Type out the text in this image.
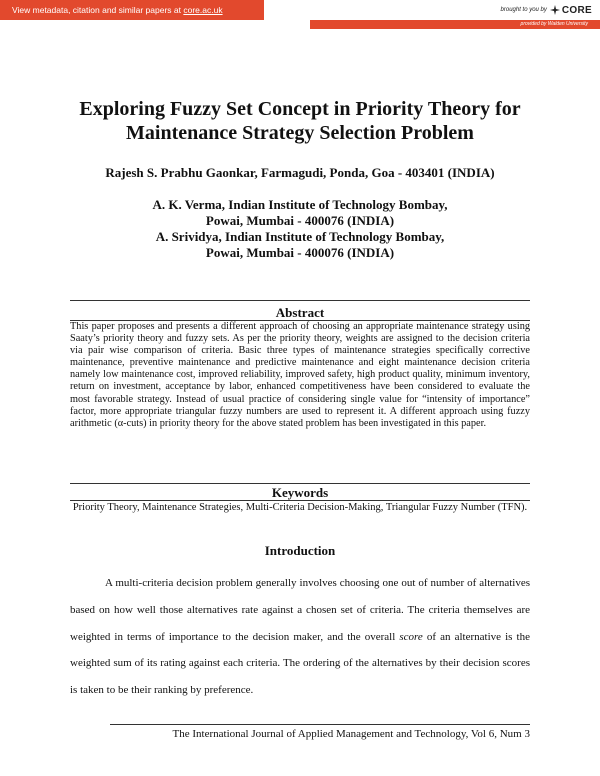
View metadata, citation and similar papers at core.ac.uk	brought to you by CORE
provided by Walden University
Exploring Fuzzy Set Concept in Priority Theory for
Maintenance Strategy Selection Problem

Rajesh S. Prabhu Gaonkar, Farmagudi, Ponda, Goa - 403401 (INDIA)

A. K. Verma, Indian Institute of Technology Bombay,
Powai, Mumbai - 400076 (INDIA)

A. Srividya, Indian Institute of Technology Bombay,
Powai, Mumbai - 400076 (INDIA)

Abstract

This paper proposes and presents a different approach of choosing an appropriate maintenance strategy using Saaty’s priority theory and fuzzy sets. As per the priority theory, weights are assigned to the decision criteria via pair wise comparison of criteria. Basic three types of maintenance strategies specifically corrective maintenance, preventive maintenance and predictive maintenance and eight maintenance decision criteria namely low maintenance cost, improved reliability, improved safety, high product quality, minimum inventory, return on investment, acceptance by labor, enhanced competitiveness have been considered to evaluate the most favorable strategy. Instead of usual practice of considering single value for “intensity of importance” factor, more appropriate triangular fuzzy numbers are used to represent it. A different approach using fuzzy arithmetic (α-cuts) in priority theory for the above stated problem has been investigated in this paper.

Keywords

Priority Theory, Maintenance Strategies, Multi-Criteria Decision-Making, Triangular Fuzzy Number (TFN).

Introduction

A multi-criteria decision problem generally involves choosing one out of number of alternatives based on how well those alternatives rate against a chosen set of criteria. The criteria themselves are weighted in terms of importance to the decision maker, and the overall score of an alternative is the weighted sum of its rating against each criteria. The ordering of the alternatives by their decision scores is taken to be their ranking by preference.

The International Journal of Applied Management and Technology, Vol 6, Num 3
